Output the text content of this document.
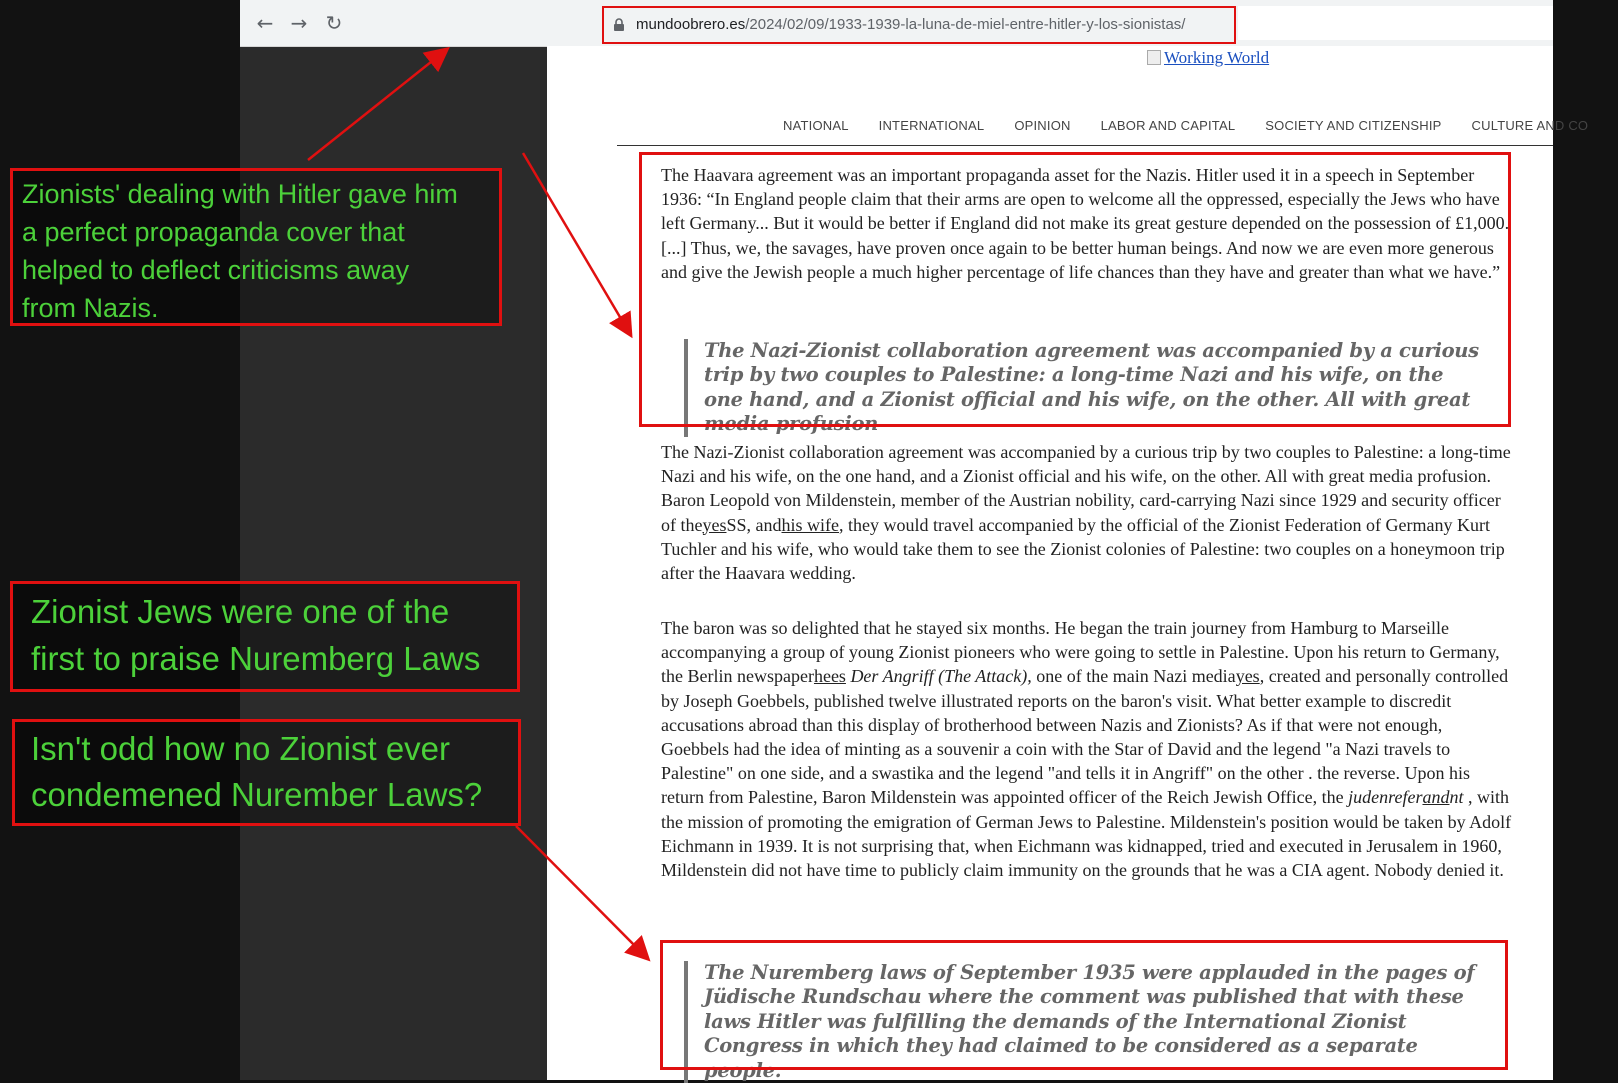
← → ↻	mundoobrero.es/2024/02/09/1933-1939-la-luna-de-miel-entre-hitler-y-los-sionistas/
Working World
NATIONAL INTERNATIONAL OPINION LABOR AND CAPITAL SOCIETY AND CITIZENSHIP CULTURE AND CO
The Haavara agreement was an important propaganda asset for the Nazis. Hitler used it in a speech in September 1936: “In England people claim that their arms are open to welcome all the oppressed, especially the Jews who have left Germany... But it would be better if England did not make its great gesture depended on the possession of £1,000. [...] Thus, we, the savages, have proven once again to be better human beings. And now we are even more generous and give the Jewish people a much higher percentage of life chances than they have and greater than what we have.”
The Nazi-Zionist collaboration agreement was accompanied by a curious trip by two couples to Palestine: a long-time Nazi and his wife, on the one hand, and a Zionist official and his wife, on the other. All with great media profusion
The Nazi-Zionist collaboration agreement was accompanied by a curious trip by two couples to Palestine: a long-time Nazi and his wife, on the one hand, and a Zionist official and his wife, on the other. All with great media profusion. Baron Leopold von Mildenstein, member of the Austrian nobility, card-carrying Nazi since 1929 and security officer of theyesSS, andhis wife, they would travel accompanied by the official of the Zionist Federation of Germany Kurt Tuchler and his wife, who would take them to see the Zionist colonies of Palestine: two couples on a honeymoon trip after the Haavara wedding.
The baron was so delighted that he stayed six months. He began the train journey from Hamburg to Marseille accompanying a group of young Zionist pioneers who were going to settle in Palestine. Upon his return to Germany, the Berlin newspaperhees Der Angriff (The Attack), one of the main Nazi mediayes, created and personally controlled by Joseph Goebbels, published twelve illustrated reports on the baron's visit. What better example to discredit accusations abroad than this display of brotherhood between Nazis and Zionists? As if that were not enough, Goebbels had the idea of minting as a souvenir a coin with the Star of David and the legend "a Nazi travels to Palestine" on one side, and a swastika and the legend "and tells it in Angriff" on the other . the reverse. Upon his return from Palestine, Baron Mildenstein was appointed officer of the Reich Jewish Office, the judenreferandnt , with the mission of promoting the emigration of German Jews to Palestine. Mildenstein's position would be taken by Adolf Eichmann in 1939. It is not surprising that, when Eichmann was kidnapped, tried and executed in Jerusalem in 1960, Mildenstein did not have time to publicly claim immunity on the grounds that he was a CIA agent. Nobody denied it.
The Nuremberg laws of September 1935 were applauded in the pages of Jüdische Rundschau where the comment was published that with these laws Hitler was fulfilling the demands of the International Zionist Congress in which they had claimed to be considered as a separate people.
Zionists' dealing with Hitler gave him
a perfect propaganda cover that
helped to deflect criticisms away
from Nazis.
Zionist Jews were one of the
first to praise Nuremberg Laws
Isn't odd how no Zionist ever
condemened Nurember Laws?
